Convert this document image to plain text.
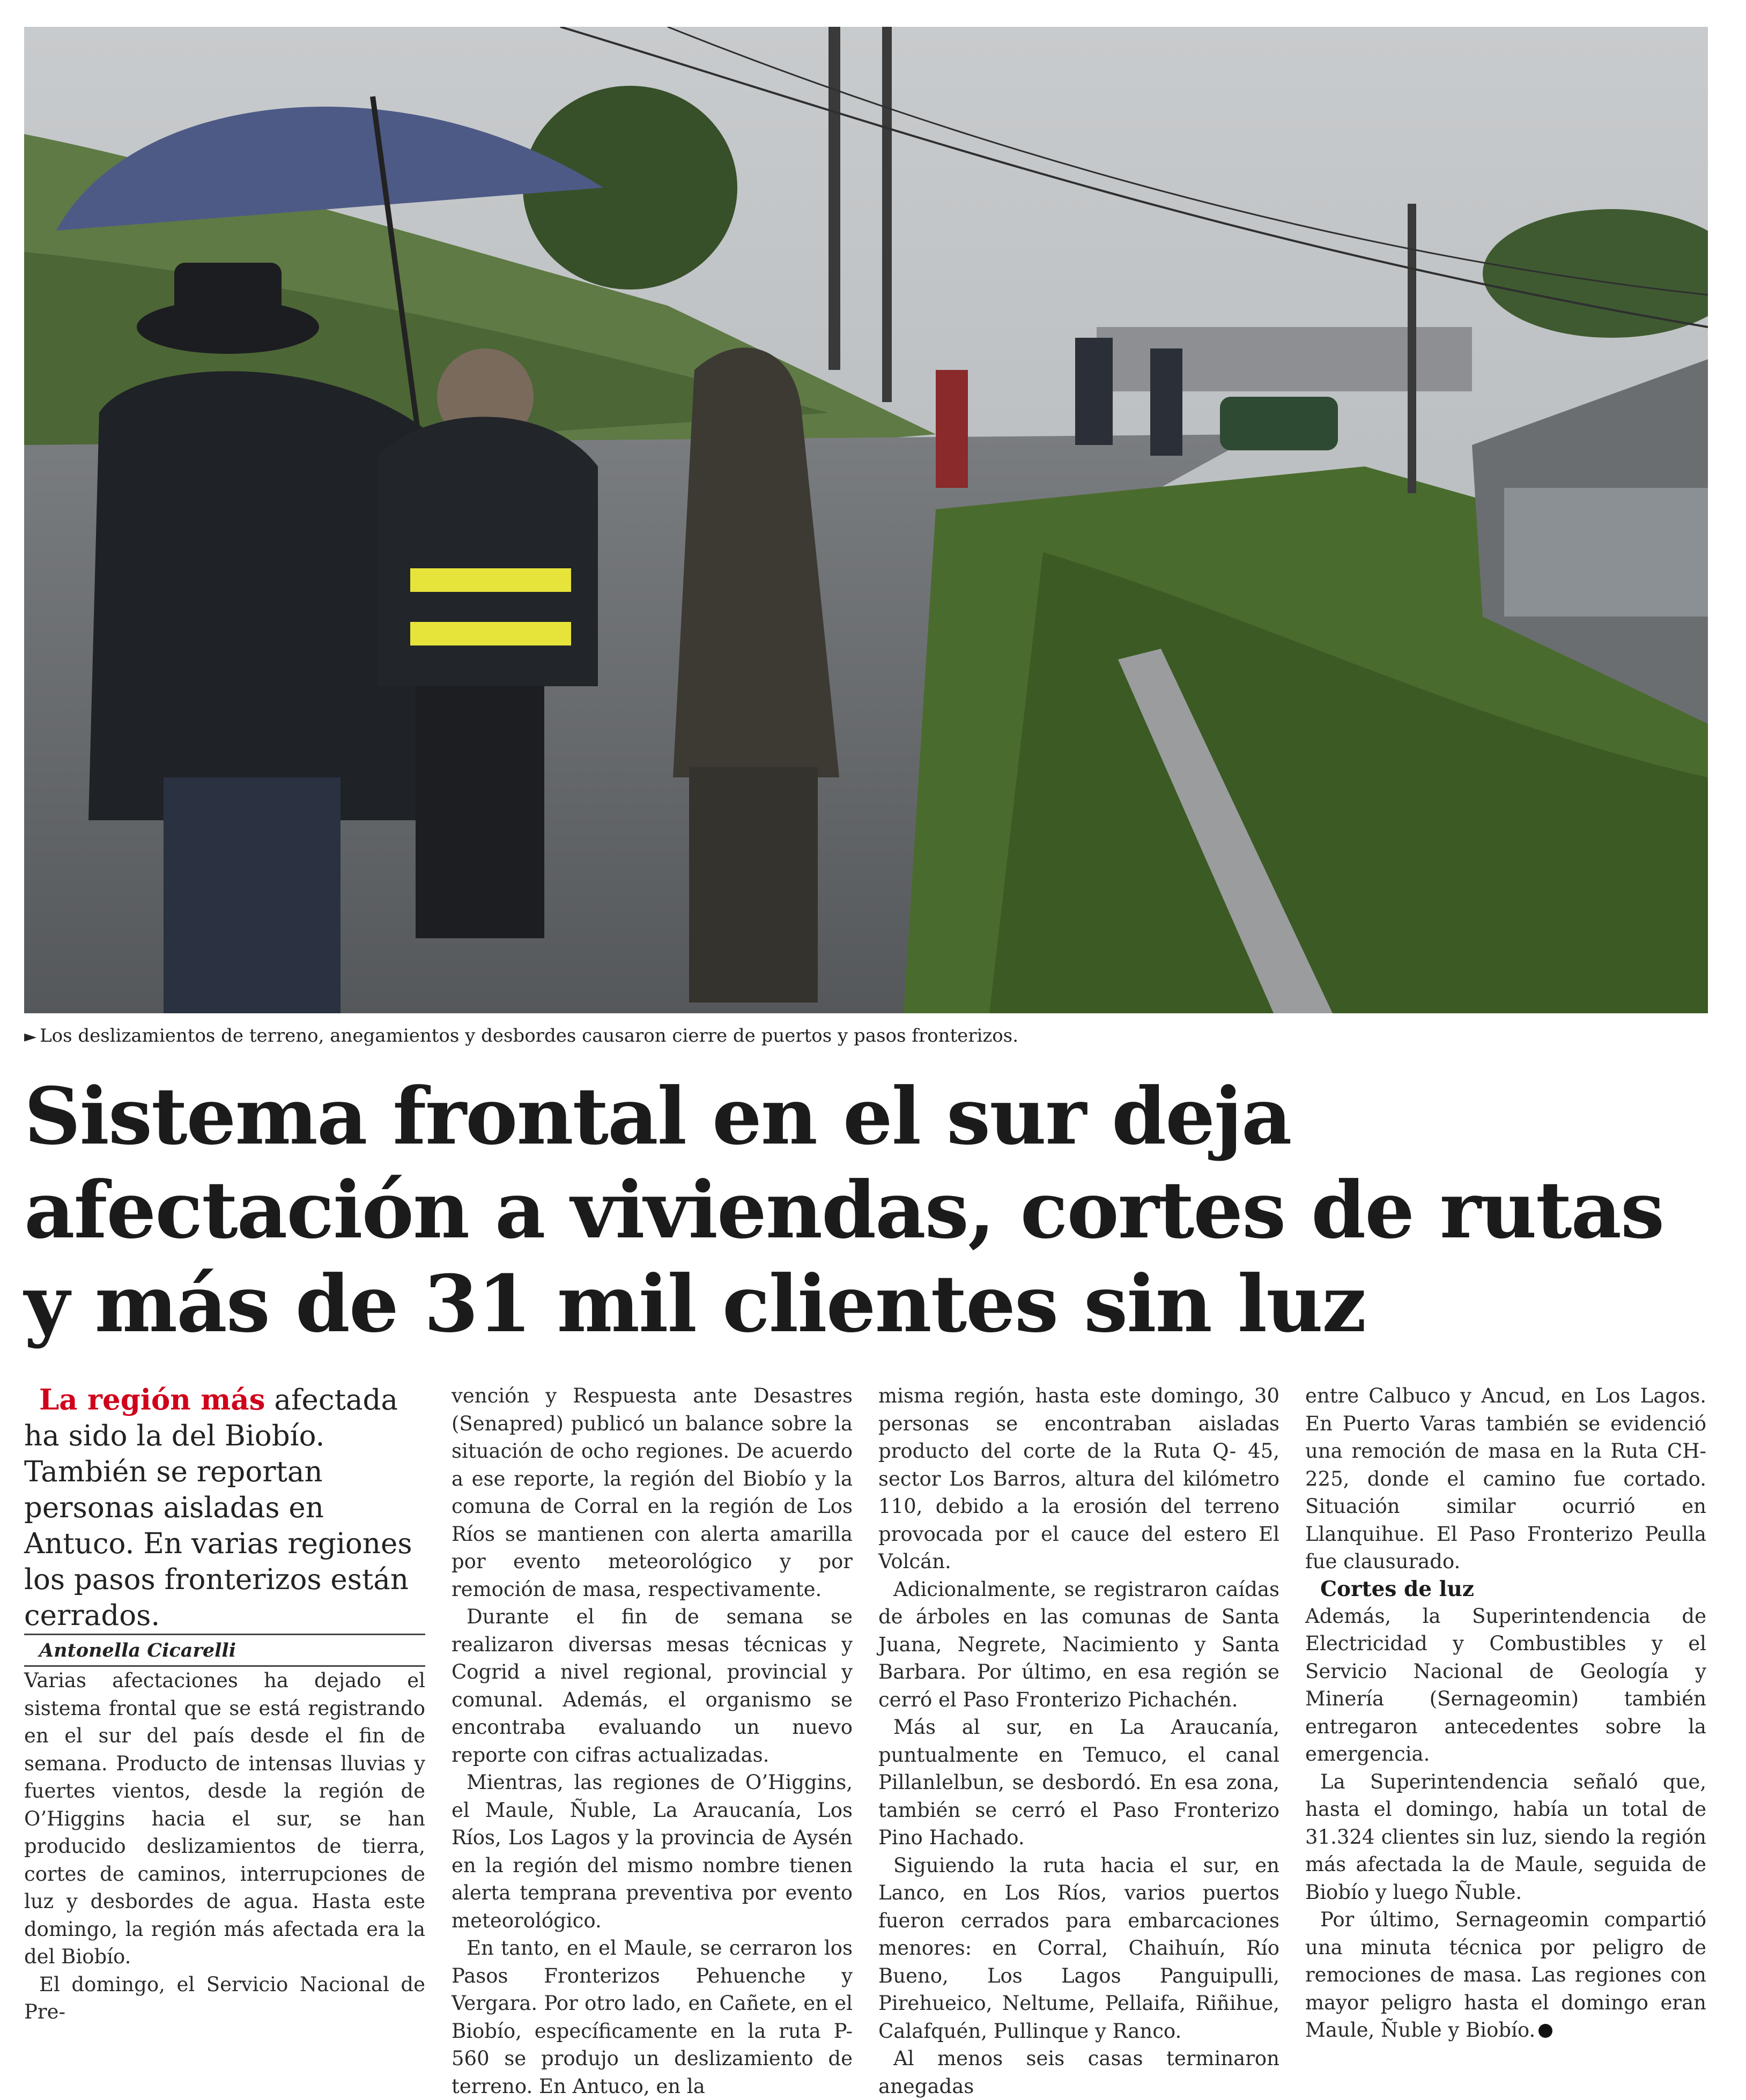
► Los deslizamientos de terreno, anegamientos y desbordes causaron cierre de puertos y pasos fronterizos.
Sistema frontal en el sur deja afectación a viviendas, cortes de rutas y más de 31 mil clientes sin luz

La región más afectada ha sido la del Biobío. También se reportan personas aisladas en Antuco. En varias regiones los pasos fronterizos están cerrados.

Antonella Cicarelli

Varias afectaciones ha dejado el sistema frontal que se está registrando en el sur del país desde el fin de semana. Producto de intensas lluvias y fuertes vientos, desde la región de O’Higgins hacia el sur, se han producido deslizamientos de tierra, cortes de caminos, interrupciones de luz y desbordes de agua. Hasta este domingo, la región más afectada era la del Biobío.

El domingo, el Servicio Nacional de Pre-

vención y Respuesta ante Desastres (Senapred) publicó un balance sobre la situación de ocho regiones. De acuerdo a ese reporte, la región del Biobío y la comuna de Corral en la región de Los Ríos se mantienen con alerta amarilla por evento meteorológico y por remoción de masa, respectivamente.

Durante el fin de semana se realizaron diversas mesas técnicas y Cogrid a nivel regional, provincial y comunal. Además, el organismo se encontraba evaluando un nuevo reporte con cifras actualizadas.

Mientras, las regiones de O’Higgins, el Maule, Ñuble, La Araucanía, Los Ríos, Los Lagos y la provincia de Aysén en la región del mismo nombre tienen alerta temprana preventiva por evento meteorológico.

En tanto, en el Maule, se cerraron los Pasos Fronterizos Pehuenche y Vergara. Por otro lado, en Cañete, en el Biobío, específicamente en la ruta P-560 se produjo un deslizamiento de terreno. En Antuco, en la

misma región, hasta este domingo, 30 personas se encontraban aisladas producto del corte de la Ruta Q- 45, sector Los Barros, altura del kilómetro 110, debido a la erosión del terreno provocada por el cauce del estero El Volcán.

Adicionalmente, se registraron caídas de árboles en las comunas de Santa Juana, Negrete, Nacimiento y Santa Barbara. Por último, en esa región se cerró el Paso Fronterizo Pichachén.

Más al sur, en La Araucanía, puntualmente en Temuco, el canal Pillanlelbun, se desbordó. En esa zona, también se cerró el Paso Fronterizo Pino Hachado.

Siguiendo la ruta hacia el sur, en Lanco, en Los Ríos, varios puertos fueron cerrados para embarcaciones menores: en Corral, Chaihuín, Río Bueno, Los Lagos Panguipulli, Pirehueico, Neltume, Pellaifa, Riñihue, Calafquén, Pullinque y Ranco.

Al menos seis casas terminaron anegadas

entre Calbuco y Ancud, en Los Lagos. En Puerto Varas también se evidenció una remoción de masa en la Ruta CH-225, donde el camino fue cortado. Situación similar ocurrió en Llanquihue. El Paso Fronterizo Peulla fue clausurado.

Cortes de luz

Además, la Superintendencia de Electricidad y Combustibles y el Servicio Nacional de Geología y Minería (Sernageomin) también entregaron antecedentes sobre la emergencia.

La Superintendencia señaló que, hasta el domingo, había un total de 31.324 clientes sin luz, siendo la región más afectada la de Maule, seguida de Biobío y luego Ñuble.

Por último, Sernageomin compartió una minuta técnica por peligro de remociones de masa. Las regiones con mayor peligro hasta el domingo eran Maule, Ñuble y Biobío.
